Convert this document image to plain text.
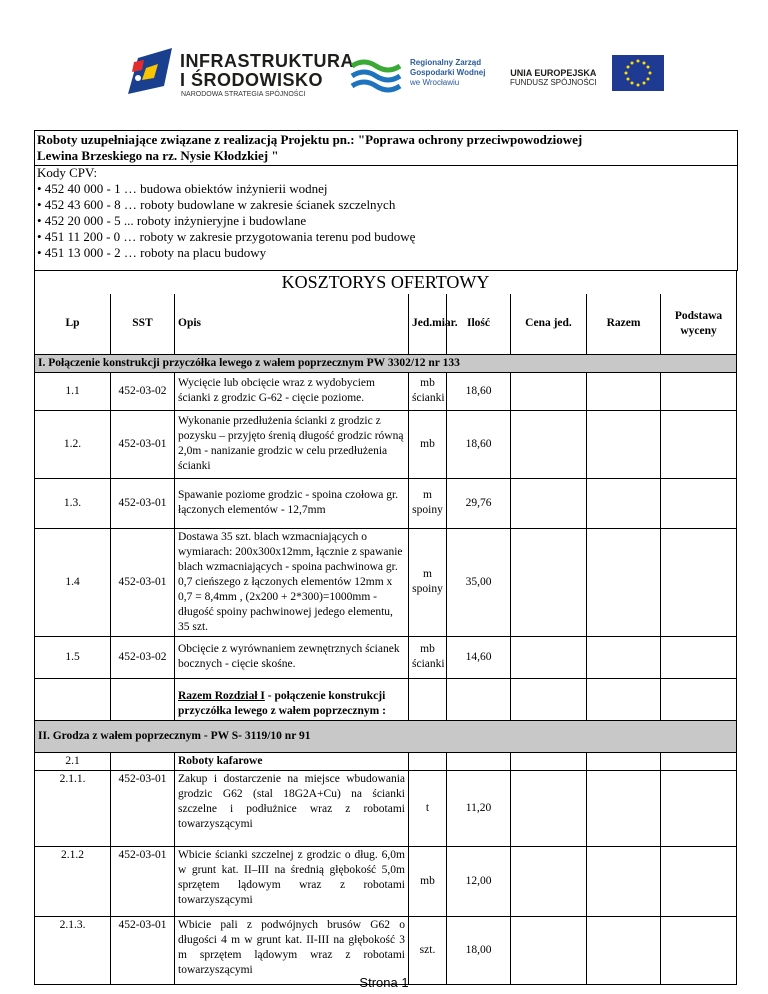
INFRASTRUKTURA
I ŚRODOWISKO
NARODOWA STRATEGIA SPÓJNOŚCI
Regionalny Zarząd
Gospodarki Wodnej
we Wrocławiu
UNIA EUROPEJSKA
FUNDUSZ SPÓJNOŚCI
Roboty uzupełniające związane z realizacją Projektu pn.: "Poprawa ochrony przeciwpowodziowej
Lewina Brzeskiego na rz. Nysie Kłodzkiej "
Kody CPV:
• 452 40 000 - 1 … budowa obiektów inżynierii wodnej
• 452 43 600 - 8 … roboty budowlane w zakresie ścianek szczelnych
• 452 20 000 - 5 ... roboty inżynieryjne i budowlane
• 451 11 200 - 0 … roboty w zakresie przygotowania terenu pod budowę
• 451 13 000 - 2 … roboty na placu budowy
KOSZTORYS OFERTOWY							
Lp	SST	Opis	Jed.miar.	Ilość	Cena jed.	Razem	Podstawa wyceny
I. Połączenie konstrukcji przyczółka lewego z wałem poprzecznym PW 3302/12 nr 133							
1.1	452-03-02	Wycięcie lub obcięcie wraz z wydobyciem ścianki z grodzic G-62 - cięcie poziome.	mb ścianki	18,60			
1.2.	452-03-01	Wykonanie przedłużenia ścianki z grodzic z pozysku – przyjęto śrenią długość grodzic równą 2,0m - nanizanie grodzic w celu przedłużenia ścianki	mb	18,60			
1.3.	452-03-01	Spawanie poziome grodzic - spoina czołowa gr. łączonych elementów - 12,7mm	m spoiny	29,76			
1.4	452-03-01	Dostawa 35 szt. blach wzmacniających o wymiarach: 200x300x12mm, łącznie z spawanie blach wzmacniających - spoina pachwinowa gr. 0,7 cieńszego z łączonych elementów 12mm x 0,7 = 8,4mm , (2x200 + 2*300)=1000mm - długość spoiny pachwinowej jedego elementu, 35 szt.	m spoiny	35,00			
1.5	452-03-02	Obcięcie z wyrównaniem zewnętrznych ścianek bocznych - cięcie skośne.	mb ścianki	14,60			
		Razem Rozdział I - połączenie konstrukcji przyczółka lewego z wałem poprzecznym :					
II. Grodza z wałem poprzecznym - PW S- 3119/10 nr 91							
2.1		Roboty kafarowe					
2.1.1.	452-03-01	Zakup i dostarczenie na miejsce wbudowania grodzic G62 (stal 18G2A+Cu) na ścianki szczelne i podłużnice wraz z robotami towarzyszącymi	t	11,20			
2.1.2	452-03-01	Wbicie ścianki szczelnej z grodzic o dług. 6,0m w grunt kat. II–III na średnią głębokość 5,0m sprzętem lądowym wraz z robotami towarzyszącymi	mb	12,00			
2.1.3.	452-03-01	Wbicie pali z podwójnych brusów G62 o długości 4 m w grunt kat. II-III na głębokość 3 m sprzętem lądowym wraz z robotami towarzyszącymi	szt.	18,00			
Strona 1
